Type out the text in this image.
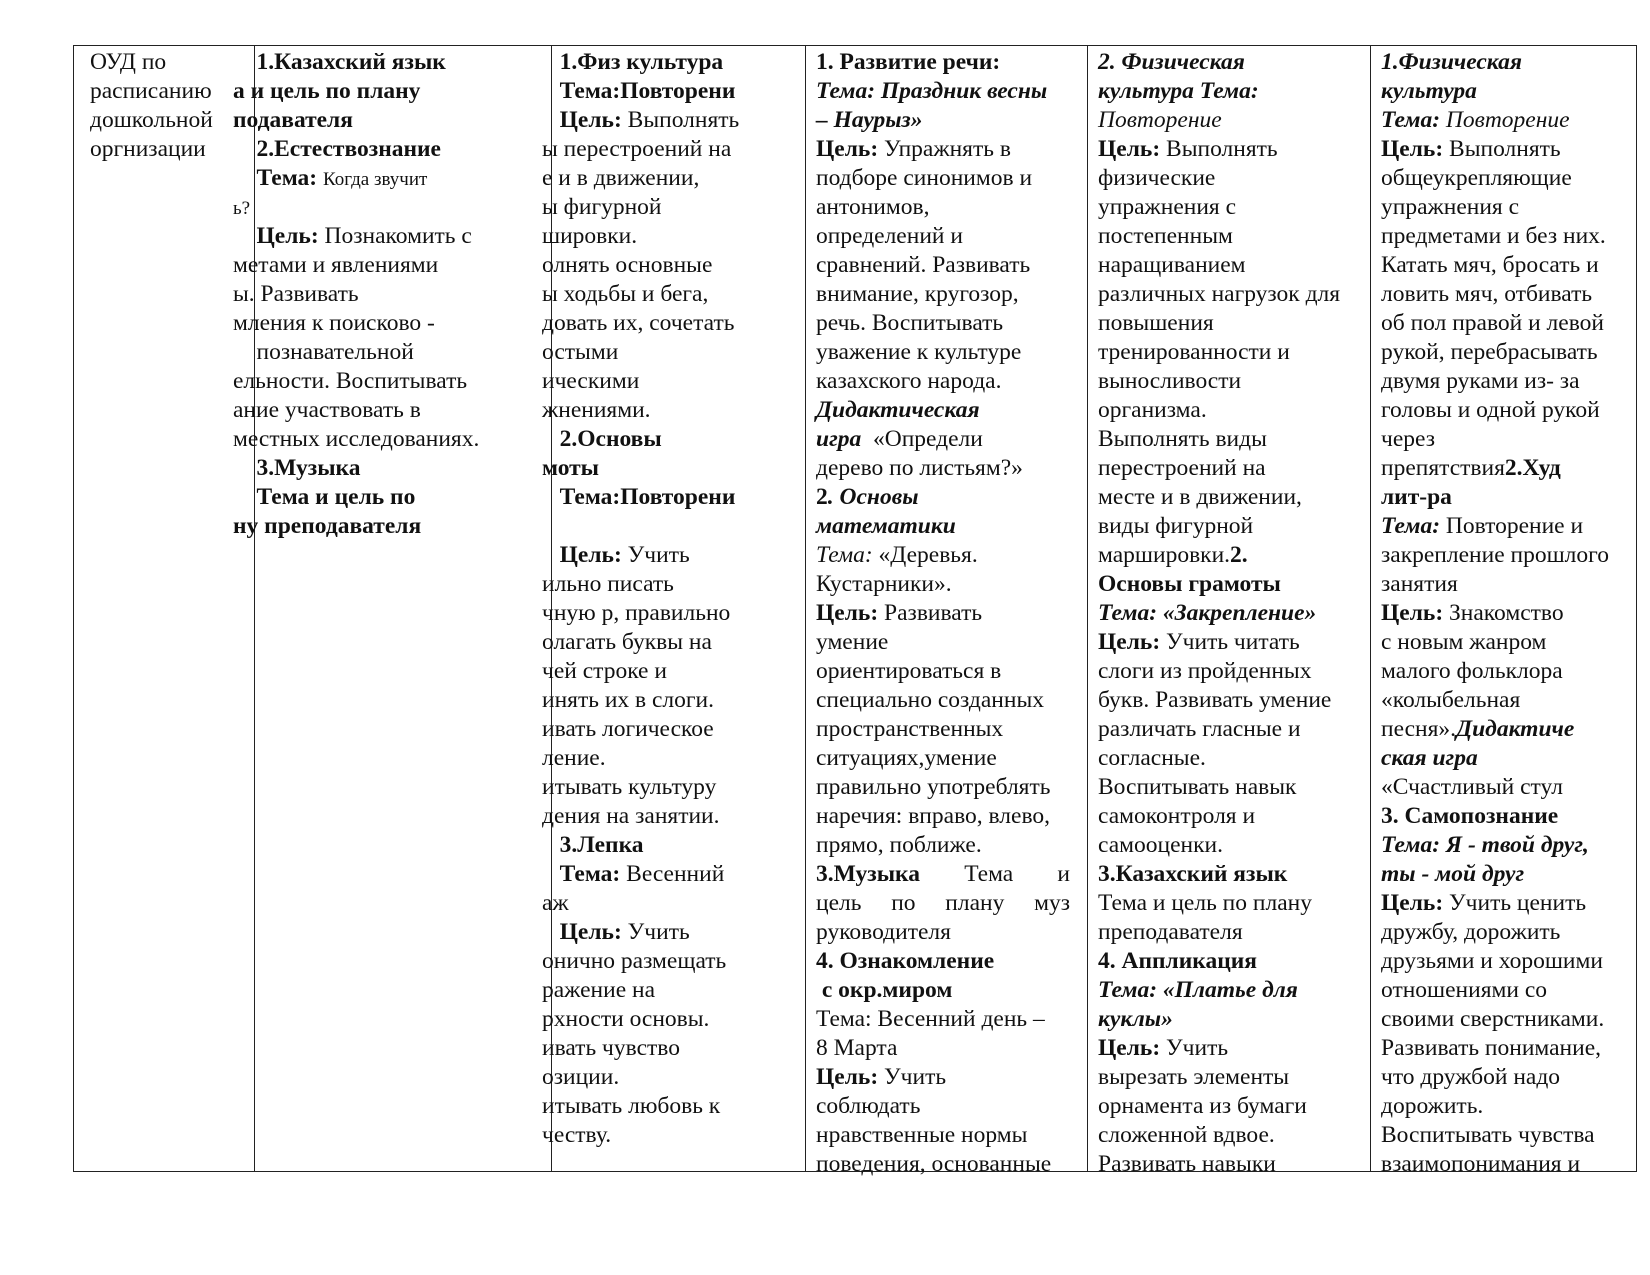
ОУД по
расписанию
дошкольной
оргнизации
1.Казахский язык
а и цель по плану
подавателя
2.Естествознание
Тема: Когда звучит
ь?
Цель: Познакомить с
метами и явлениями
ы. Развивать
мления к поисково -
познавательной
ельности. Воспитывать
ание участвовать в
местных исследованиях.
3.Музыка
Тема и цель по
ну преподавателя
1.Физ культура
Тема:Повторени
Цель: Выполнять
ы перестроений на
е и в движении,
ы фигурной
шировки.
олнять основные
ы ходьбы и бега,
довать их, сочетать
остыми
ическими
жнениями.
2.Основы
моты
Тема:Повторени
Цель: Учить
ильно писать
чную р, правильно
олагать буквы на
чей строке и
инять их в слоги.
ивать логическое
ление.
итывать культуру
дения на занятии.
3.Лепка
Тема: Весенний
аж
Цель: Учить
онично размещать
ражение на
рхности основы.
ивать чувство
озиции.
итывать любовь к
честву.
1. Развитие речи:
Тема: Праздник весны
– Наурыз»
Цель: Упражнять в
подборе синонимов и
антонимов,
определений и
сравнений. Развивать
внимание, кругозор,
речь. Воспитывать
уважение к культуре
казахского народа.
Дидактическая
игра  «Определи
дерево по листьям?»
2. Основы
математики
Тема: «Деревья.
Кустарники».
Цель: Развивать
умение
ориентироваться в
специально созданных
пространственных
ситуациях,умение
правильно употреблять
наречия: вправо, влево,
прямо, поближе.
3.Музыка Тема и
цель по плану муз
руководителя
4. Ознакомление
с окр.миром
Тема: Весенний день –
8 Марта
Цель: Учить
соблюдать
нравственные нормы
поведения, основанные
2. Физическая
культура Тема:
Повторение
Цель: Выполнять
физические
упражнения с
постепенным
наращиванием
различных нагрузок для
повышения
тренированности и
выносливости
организма.
Выполнять виды
перестроений на
месте и в движении,
виды фигурной
маршировки.2.
Основы грамоты
Тема: «Закрепление»
Цель: Учить читать
слоги из пройденных
букв. Развивать умение
различать гласные и
согласные.
Воспитывать навык
самоконтроля и
самооценки.
3.Казахский язык
Тема и цель по плану
преподавателя
4. Аппликация
Тема: «Платье для
куклы»
Цель: Учить
вырезать элементы
орнамента из бумаги
сложенной вдвое.
Развивать навыки
1.Физическая
культура
Тема: Повторение
Цель: Выполнять
общеукрепляющие
упражнения с
предметами и без них.
Катать мяч, бросать и
ловить мяч, отбивать
об пол правой и левой
рукой, перебрасывать
двумя руками из- за
головы и одной рукой
через
препятствия2.Худ
лит-ра
Тема: Повторение и
закрепление прошлого
занятия
Цель: Знакомство
с новым жанром
малого фольклора
«колыбельная
песня».Дидактиче
ская игра
«Счастливый стул
3. Самопознание
Тема: Я - твой друг,
ты - мой друг
Цель: Учить ценить
дружбу, дорожить
друзьями и хорошими
отношениями со
своими сверстниками.
Развивать понимание,
что дружбой надо
дорожить.
Воспитывать чувства
взаимопонимания и
